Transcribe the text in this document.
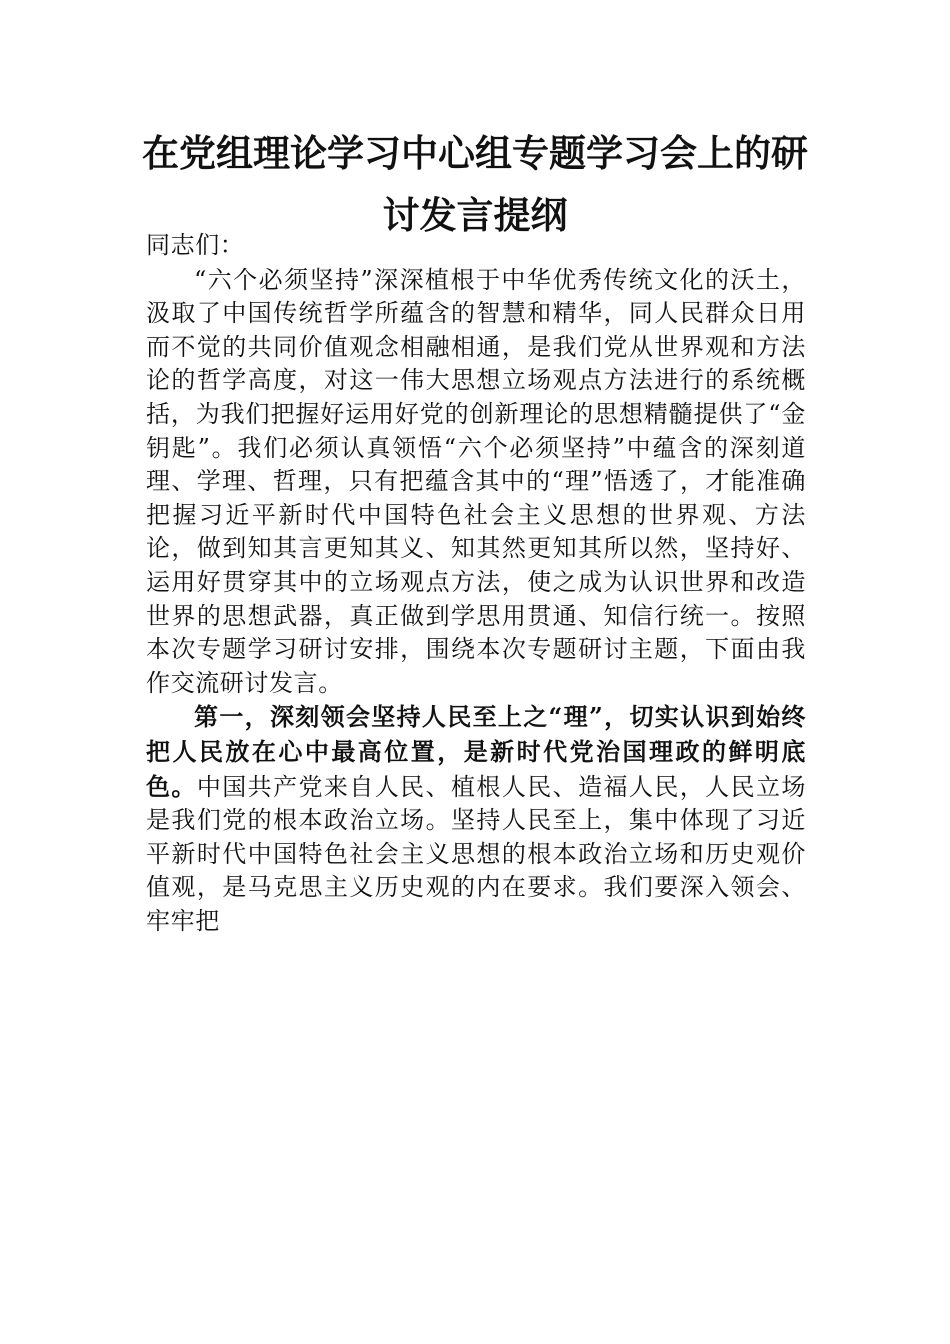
在党组理论学习中心组专题学习会上的研
讨发言提纲

同志们：

“六个必须坚持”深深植根于中华优秀传统文化的沃土，汲取了中国传统哲学所蕴含的智慧和精华，同人民群众日用而不觉的共同价值观念相融相通，是我们党从世界观和方法论的哲学高度，对这一伟大思想立场观点方法进行的系统概括，为我们把握好运用好党的创新理论的思想精髓提供了“金钥匙”。我们必须认真领悟“六个必须坚持”中蕴含的深刻道理、学理、哲理，只有把蕴含其中的“理”悟透了，才能准确把握习近平新时代中国特色社会主义思想的世界观、方法论，做到知其言更知其义、知其然更知其所以然，坚持好、运用好贯穿其中的立场观点方法，使之成为认识世界和改造世界的思想武器，真正做到学思用贯通、知信行统一。按照本次专题学习研讨安排，围绕本次专题研讨主题，下面由我作交流研讨发言。

第一，深刻领会坚持人民至上之“理”，切实认识到始终把人民放在心中最高位置，是新时代党治国理政的鲜明底色。中国共产党来自人民、植根人民、造福人民，人民立场是我们党的根本政治立场。坚持人民至上，集中体现了习近平新时代中国特色社会主义思想的根本政治立场和历史观价值观，是马克思主义历史观的内在要求。我们要深入领会、牢牢把
